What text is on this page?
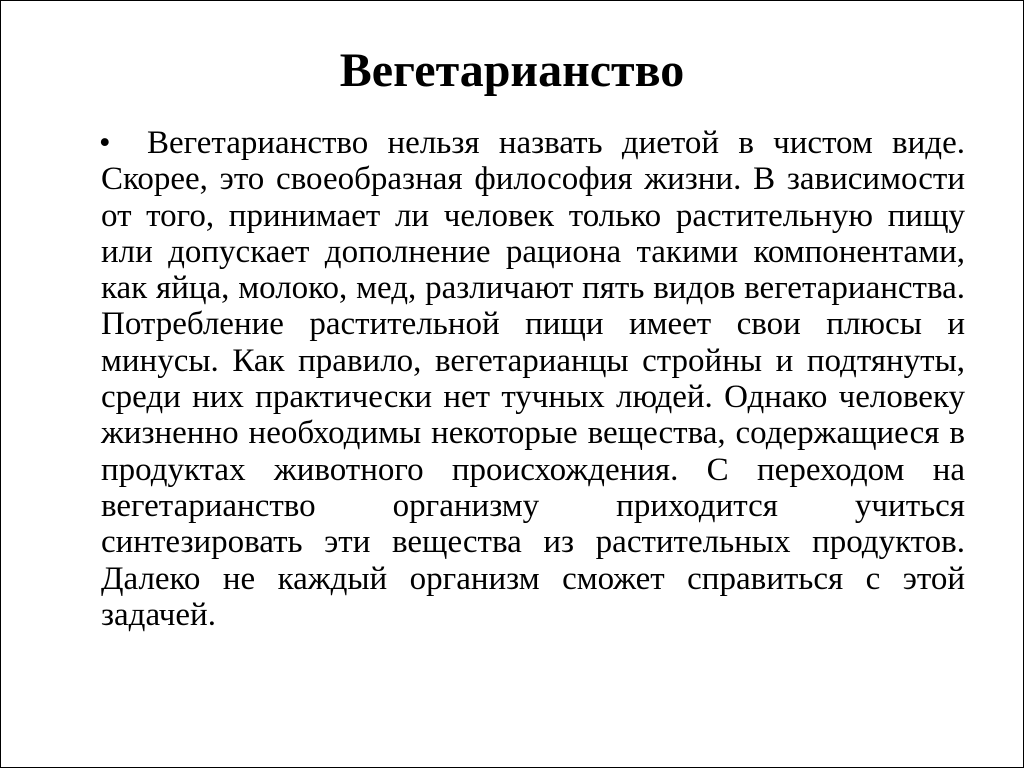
Вегетарианство
•	Вегетарианство нельзя назвать диетой в чистом виде. Скорее, это своеобразная философия жизни. В зависимости от того, принимает ли человек только растительную пищу или допускает дополнение рациона такими компонентами, как яйца, молоко, мед, различают пять видов вегетарианства. Потребление растительной пищи имеет свои плюсы и минусы. Как правило, вегетарианцы стройны и подтянуты, среди них практически нет тучных людей. Однако человеку жизненно необходимы некоторые вещества, содержащиеся в продуктах животного происхождения. С переходом на вегетарианство организму приходится учиться синтезировать эти вещества из растительных продуктов. Далеко не каждый организм сможет справиться с этой задачей.
